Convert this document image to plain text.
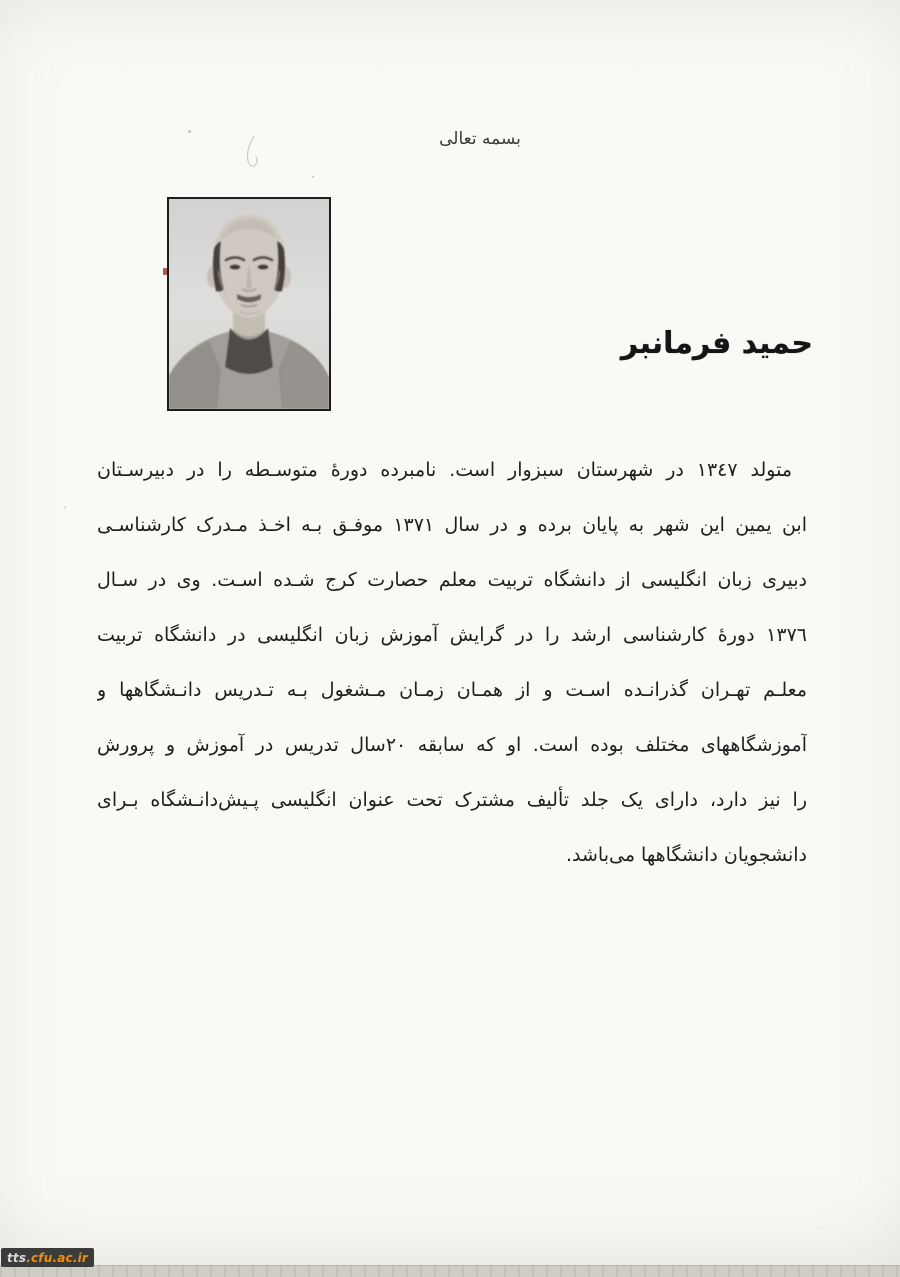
بسمه تعالی
حمید فرمانبر
متولد ١٣٤٧ در شهرستان سبزوار است. نامبرده دورۀ متوسـطه را در دبیرسـتان
ابن یمین این شهر به پایان برده و در سال ١٣٧١ موفـق بـه اخـذ مـدرک کارشناسـی
دبیری زبان انگلیسی از دانشگاه تربیت معلم حصارت کرج شـده اسـت. وی در سـال
١٣٧٦ دورۀ کارشناسی ارشد را در گرایش آموزش زبان انگلیسی در دانشگاه تربیت
معلـم تهـران گذرانـده اسـت و از همـان زمـان مـشغول بـه تـدریس دانـشگاهها و
آموزشگاههای مختلف بوده است. او که سابقه ٢٠سال تدریس در آموزش و پرورش
را نیز دارد، دارای یک جلد تألیف مشترک تحت عنوان انگلیسی پـیش‌دانـشگاه بـرای
دانشجویان دانشگاهها می‌باشد.
tts .cfu.ac.ir
